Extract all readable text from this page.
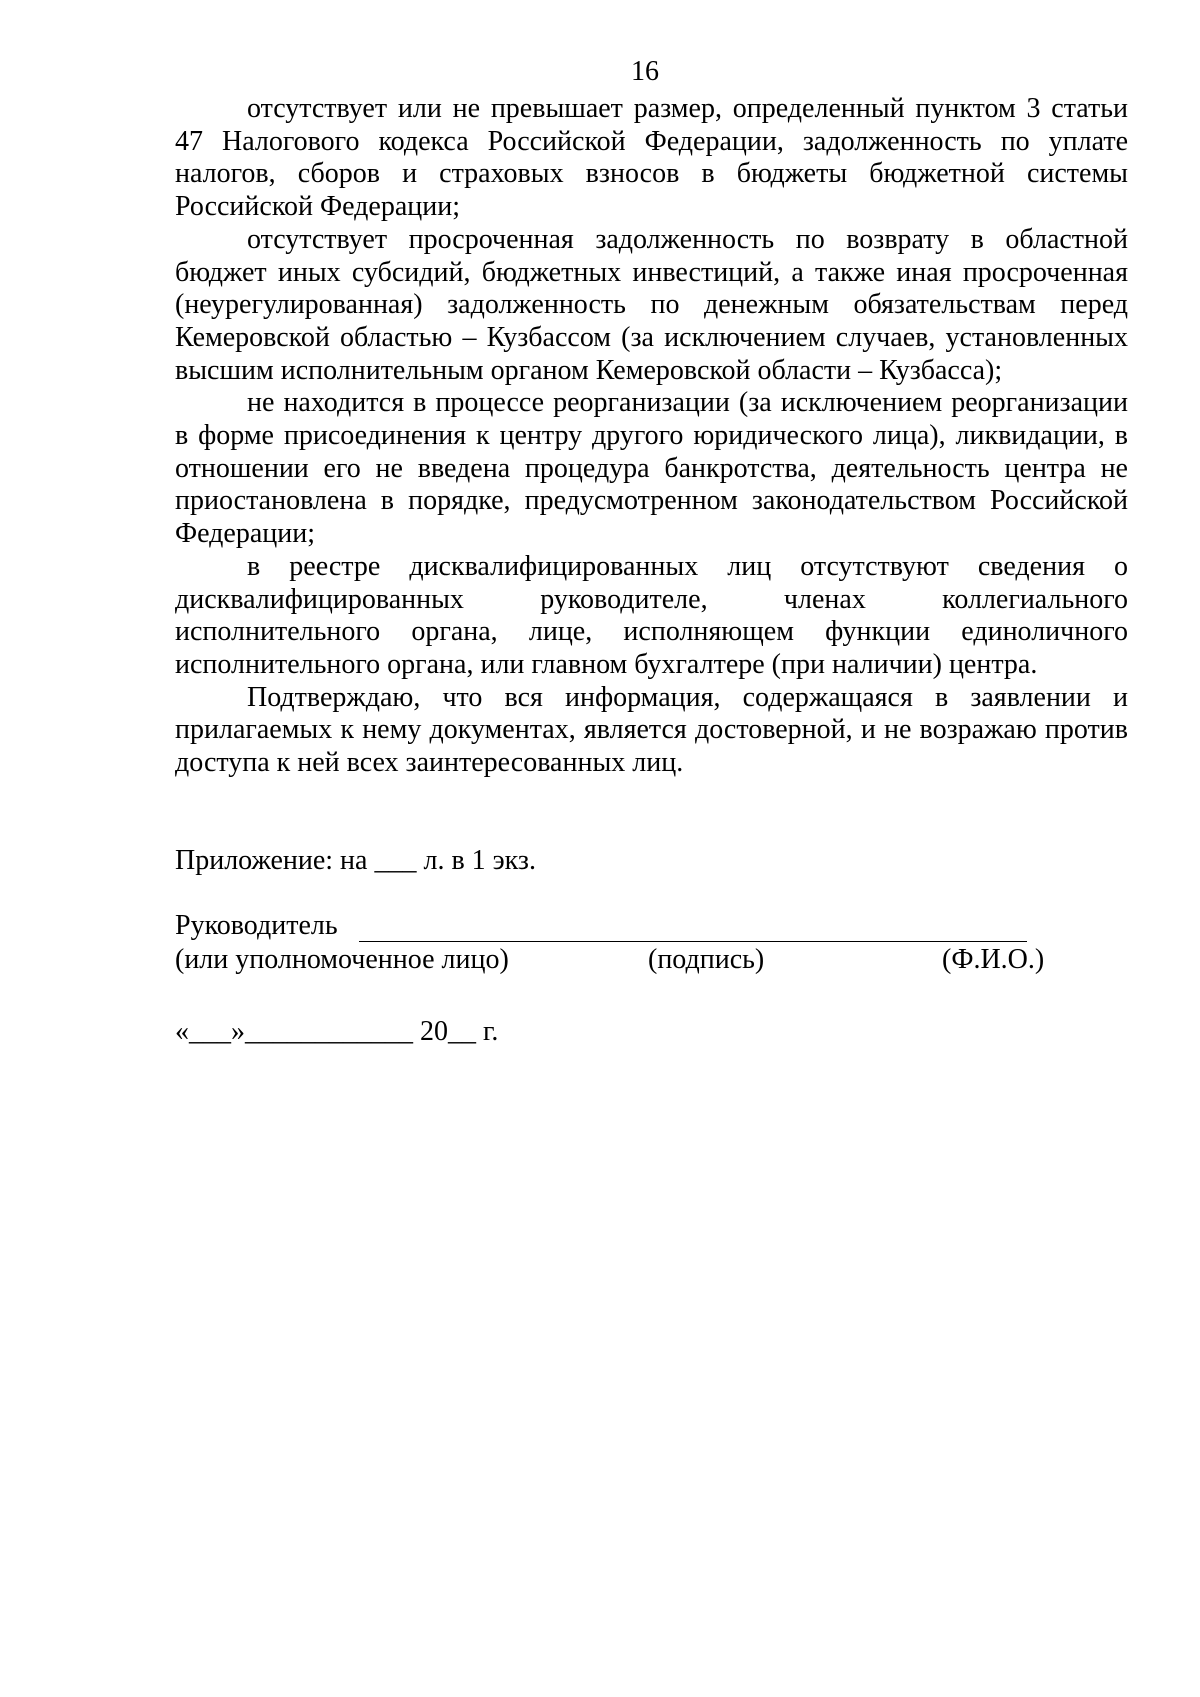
16

отсутствует или не превышает размер, определенный пунктом 3 статьи 47 Налогового кодекса Российской Федерации, задолженность по уплате налогов, сборов и страховых взносов в бюджеты бюджетной системы Российской Федерации;

отсутствует просроченная задолженность по возврату в областной бюджет иных субсидий, бюджетных инвестиций, а также иная просроченная (неурегулированная) задолженность по денежным обязательствам перед Кемеровской областью – Кузбассом (за исключением случаев, установленных высшим исполнительным органом Кемеровской области – Кузбасса);

не находится в процессе реорганизации (за исключением реорганизации в форме присоединения к центру другого юридического лица), ликвидации, в отношении его не введена процедура банкротства, деятельность центра не приостановлена в порядке, предусмотренном законодательством Российской Федерации;

в реестре дисквалифицированных лиц отсутствуют сведения о дисквалифицированных руководителе, членах коллегиального исполнительного органа, лице, исполняющем функции единоличного исполнительного органа, или главном бухгалтере (при наличии) центра.

Подтверждаю, что вся информация, содержащаяся в заявлении и прилагаемых к нему документах, является достоверной, и не возражаю против доступа к ней всех заинтересованных лиц.

Приложение: на ___ л. в 1 экз.
Руководитель
(или уполномоченное лицо)	(подпись)	(Ф.И.О.)
«___»____________ 20__ г.
